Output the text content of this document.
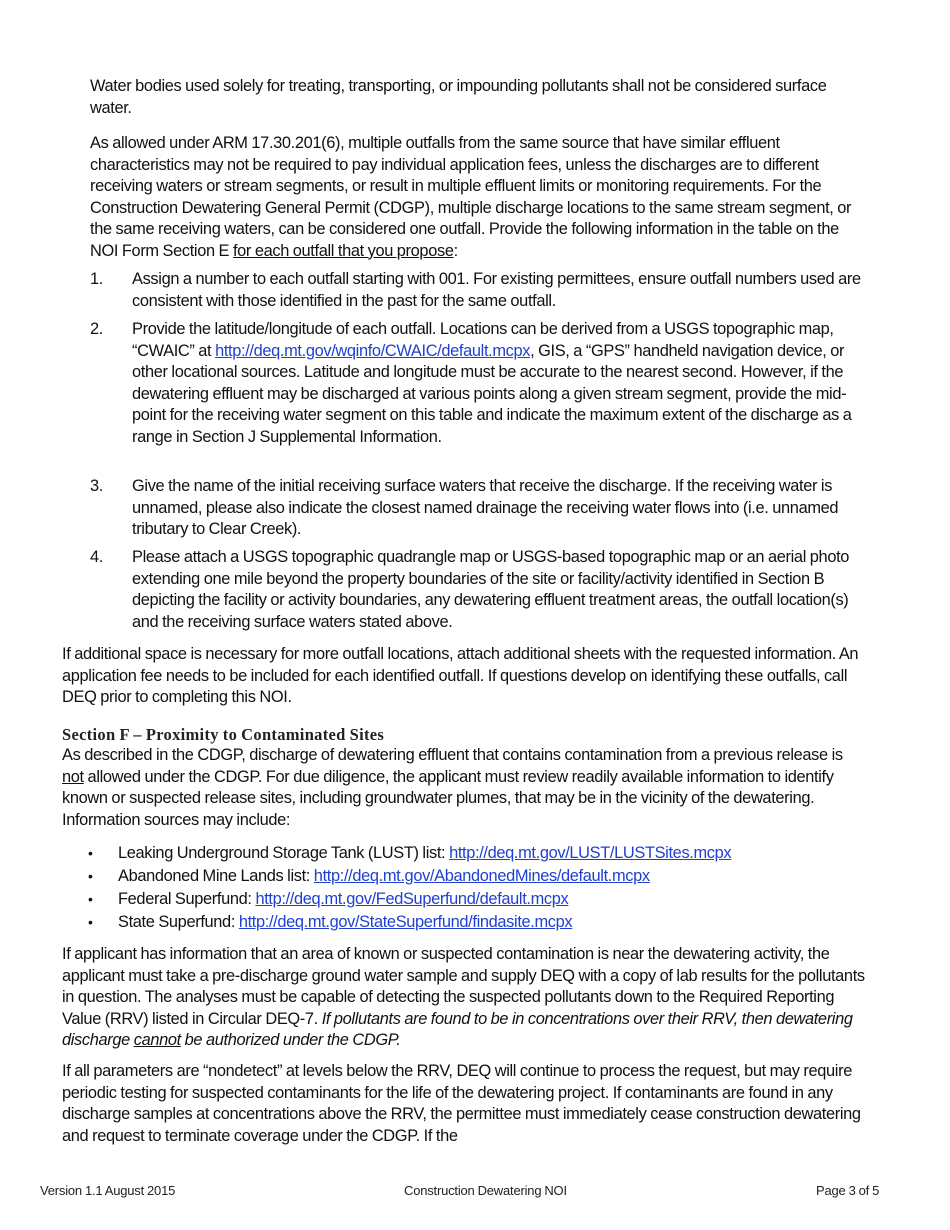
Water bodies used solely for treating, transporting, or impounding pollutants shall not be considered surface water.

As allowed under ARM 17.30.201(6), multiple outfalls from the same source that have similar effluent characteristics may not be required to pay individual application fees, unless the discharges are to different receiving waters or stream segments, or result in multiple effluent limits or monitoring requirements. For the Construction Dewatering General Permit (CDGP), multiple discharge locations to the same stream segment, or the same receiving waters, can be considered one outfall. Provide the following information in the table on the NOI Form Section E for each outfall that you propose:

1.	Assign a number to each outfall starting with 001. For existing permittees, ensure outfall numbers used are consistent with those identified in the past for the same outfall.

2.	Provide the latitude/longitude of each outfall. Locations can be derived from a USGS topographic map, “CWAIC” at http://deq.mt.gov/wqinfo/CWAIC/default.mcpx, GIS, a “GPS” handheld navigation device, or other locational sources. Latitude and longitude must be accurate to the nearest second. However, if the dewatering effluent may be discharged at various points along a given stream segment, provide the mid-point for the receiving water segment on this table and indicate the maximum extent of the discharge as a range in Section J Supplemental Information.

3.	Give the name of the initial receiving surface waters that receive the discharge. If the receiving water is unnamed, please also indicate the closest named drainage the receiving water flows into (i.e. unnamed tributary to Clear Creek).

4.	Please attach a USGS topographic quadrangle map or USGS-based topographic map or an aerial photo extending one mile beyond the property boundaries of the site or facility/activity identified in Section B depicting the facility or activity boundaries, any dewatering effluent treatment areas, the outfall location(s) and the receiving surface waters stated above.

If additional space is necessary for more outfall locations, attach additional sheets with the requested information. An application fee needs to be included for each identified outfall. If questions develop on identifying these outfalls, call DEQ prior to completing this NOI.

Section F – Proximity to Contaminated Sites

As described in the CDGP, discharge of dewatering effluent that contains contamination from a previous release is not allowed under the CDGP. For due diligence, the applicant must review readily available information to identify known or suspected release sites, including groundwater plumes, that may be in the vicinity of the dewatering. Information sources may include:

• Leaking Underground Storage Tank (LUST) list: http://deq.mt.gov/LUST/LUSTSites.mcpx

• Abandoned Mine Lands list: http://deq.mt.gov/AbandonedMines/default.mcpx

• Federal Superfund: http://deq.mt.gov/FedSuperfund/default.mcpx

• State Superfund: http://deq.mt.gov/StateSuperfund/findasite.mcpx

If applicant has information that an area of known or suspected contamination is near the dewatering activity, the applicant must take a pre-discharge ground water sample and supply DEQ with a copy of lab results for the pollutants in question. The analyses must be capable of detecting the suspected pollutants down to the Required Reporting Value (RRV) listed in Circular DEQ-7. If pollutants are found to be in concentrations over their RRV, then dewatering discharge cannot be authorized under the CDGP.

If all parameters are “nondetect” at levels below the RRV, DEQ will continue to process the request, but may require periodic testing for suspected contaminants for the life of the dewatering project. If contaminants are found in any discharge samples at concentrations above the RRV, the permittee must immediately cease construction dewatering and request to terminate coverage under the CDGP. If the

Version 1.1 August 2015	Construction Dewatering NOI	Page 3 of 5
